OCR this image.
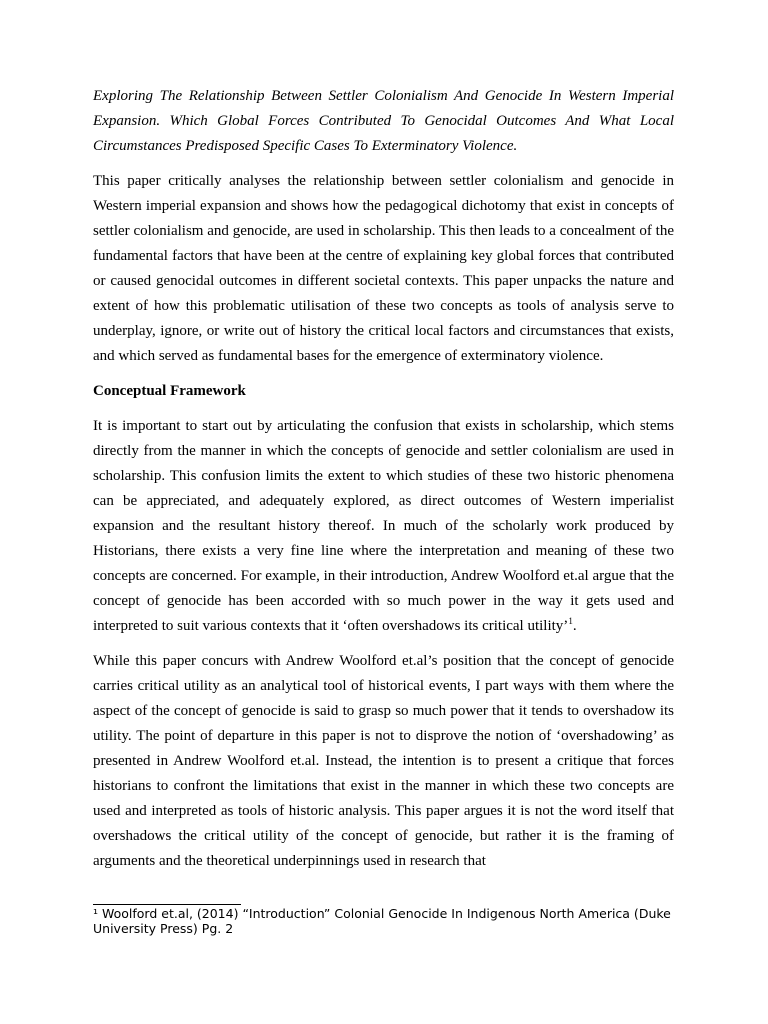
Exploring The Relationship Between Settler Colonialism And Genocide In Western Imperial Expansion. Which Global Forces Contributed To Genocidal Outcomes And What Local Circumstances Predisposed Specific Cases To Exterminatory Violence.

This paper critically analyses the relationship between settler colonialism and genocide in Western imperial expansion and shows how the pedagogical dichotomy that exist in concepts of settler colonialism and genocide, are used in scholarship. This then leads to a concealment of the fundamental factors that have been at the centre of explaining key global forces that contributed or caused genocidal outcomes in different societal contexts. This paper unpacks the nature and extent of how this problematic utilisation of these two concepts as tools of analysis serve to underplay, ignore, or write out of history the critical local factors and circumstances that exists, and which served as fundamental bases for the emergence of exterminatory violence.

Conceptual Framework

It is important to start out by articulating the confusion that exists in scholarship, which stems directly from the manner in which the concepts of genocide and settler colonialism are used in scholarship. This confusion limits the extent to which studies of these two historic phenomena can be appreciated, and adequately explored, as direct outcomes of Western imperialist expansion and the resultant history thereof. In much of the scholarly work produced by Historians, there exists a very fine line where the interpretation and meaning of these two concepts are concerned. For example, in their introduction, Andrew Woolford et.al argue that the concept of genocide has been accorded with so much power in the way it gets used and interpreted to suit various contexts that it ‘often overshadows its critical utility’$^1$.

While this paper concurs with Andrew Woolford et.al’s position that the concept of genocide carries critical utility as an analytical tool of historical events, I part ways with them where the aspect of the concept of genocide is said to grasp so much power that it tends to overshadow its utility. The point of departure in this paper is not to disprove the notion of ‘overshadowing’ as presented in Andrew Woolford et.al. Instead, the intention is to present a critique that forces historians to confront the limitations that exist in the manner in which these two concepts are used and interpreted as tools of historic analysis. This paper argues it is not the word itself that overshadows the critical utility of the concept of genocide, but rather it is the framing of arguments and the theoretical underpinnings used in research that

¹ Woolford et.al, (2014) “Introduction” Colonial Genocide In Indigenous North America (Duke University Press) Pg. 2
